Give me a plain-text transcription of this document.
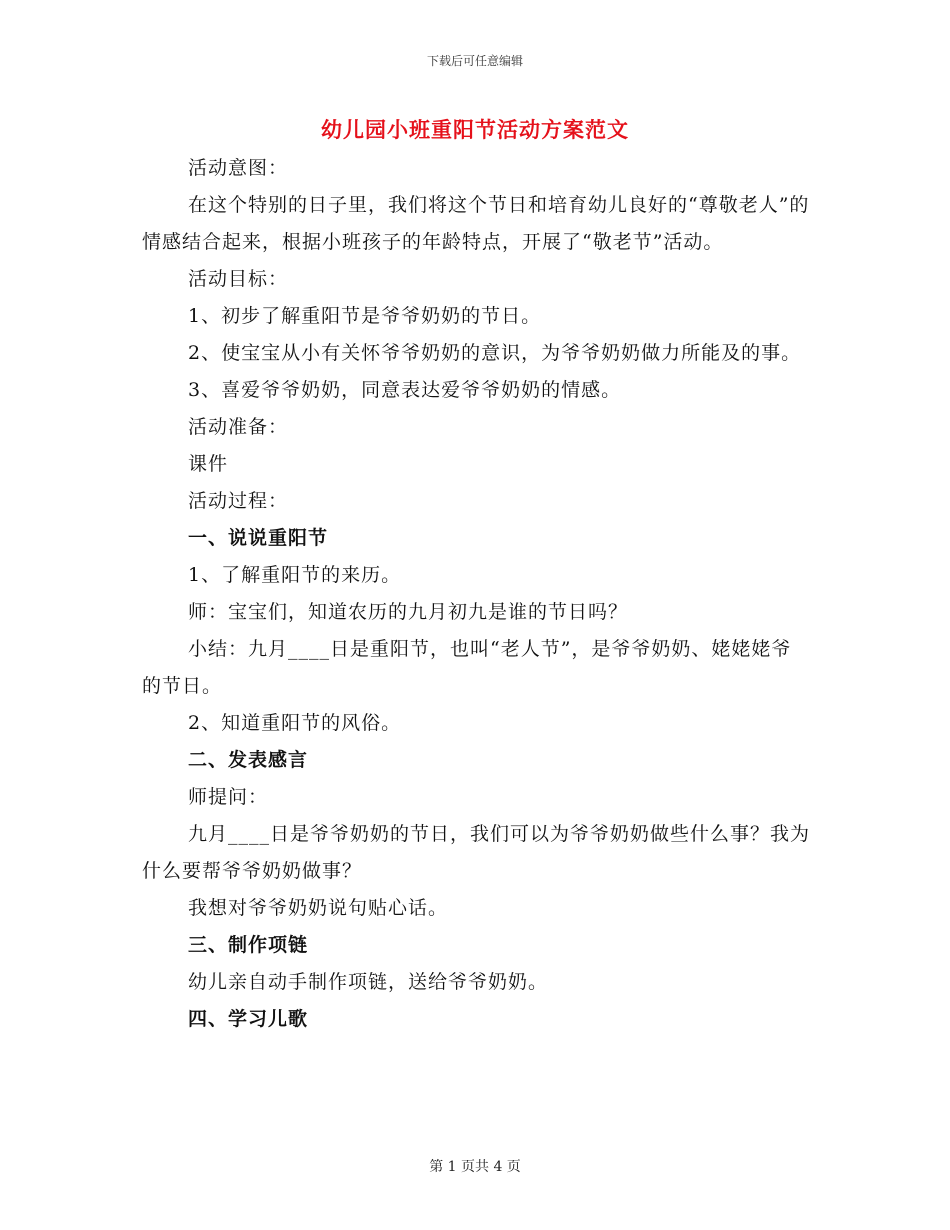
下载后可任意编辑
幼儿园小班重阳节活动方案范文

活动意图：

在这个特别的日子里，我们将这个节日和培育幼儿良好的“尊敬老人”的情感结合起来，根据小班孩子的年龄特点，开展了“敬老节”活动。

活动目标：

1、初步了解重阳节是爷爷奶奶的节日。

2、使宝宝从小有关怀爷爷奶奶的意识，为爷爷奶奶做力所能及的事。

3、喜爱爷爷奶奶，同意表达爱爷爷奶奶的情感。

活动准备：

课件

活动过程：

一、说说重阳节

1、了解重阳节的来历。

师：宝宝们，知道农历的九月初九是谁的节日吗？

小结：九月____日是重阳节，也叫“老人节”，是爷爷奶奶、姥姥姥爷的节日。

2、知道重阳节的风俗。

二、发表感言

师提问：

九月____日是爷爷奶奶的节日，我们可以为爷爷奶奶做些什么事？我为什么要帮爷爷奶奶做事？

我想对爷爷奶奶说句贴心话。

三、制作项链

幼儿亲自动手制作项链，送给爷爷奶奶。

四、学习儿歌

第 1 页共 4 页
